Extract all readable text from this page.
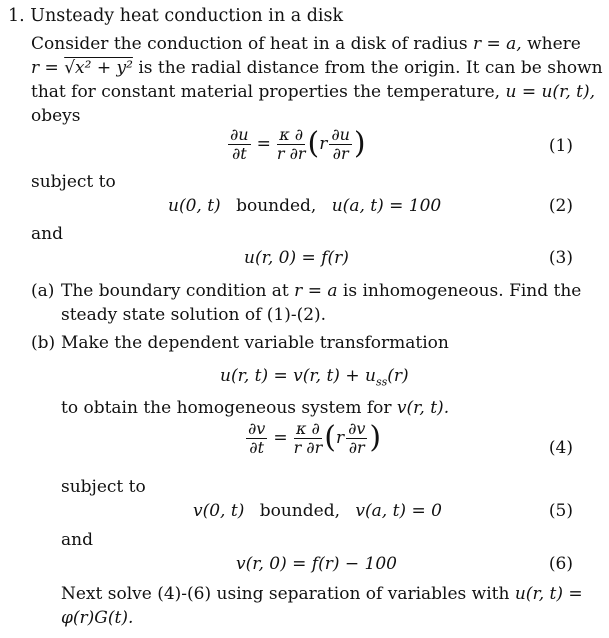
1. Unsteady heat conduction in a disk
Consider the conduction of heat in a disk of radius r = a, where
r = √x² + y² is the radial distance from the origin. It can be shown
that for constant material properties the temperature, u = u(r, t),
obeys
$\frac{\partial u}{\partial t} = \frac{\kappa \partial}{r \partial r}$ ( r $\frac{\partial u}{\partial r}$ )	(1)
subject to
u(0, t) bounded, u(a, t) = 100	(2)
and
u(r, 0) = f(r)	(3)
(a) The boundary condition at r = a is inhomogeneous. Find the
steady state solution of (1)-(2).
(b) Make the dependent variable transformation
u(r, t) = v(r, $t) + u_{ss}(r)$
to obtain the homogeneous system for v(r, t).
$\frac{\partial v}{\partial t} = \frac{\kappa \partial}{r \partial r}$ ( r $\frac{\partial v}{\partial r}$ )	(4)
subject to
v(0, t) bounded, v(a, t) = 0	(5)
and
v(r, 0) = f(r) − 100	(6)
Next solve (4)-(6) using separation of variables with u(r, t) =
φ(r)G(t).
